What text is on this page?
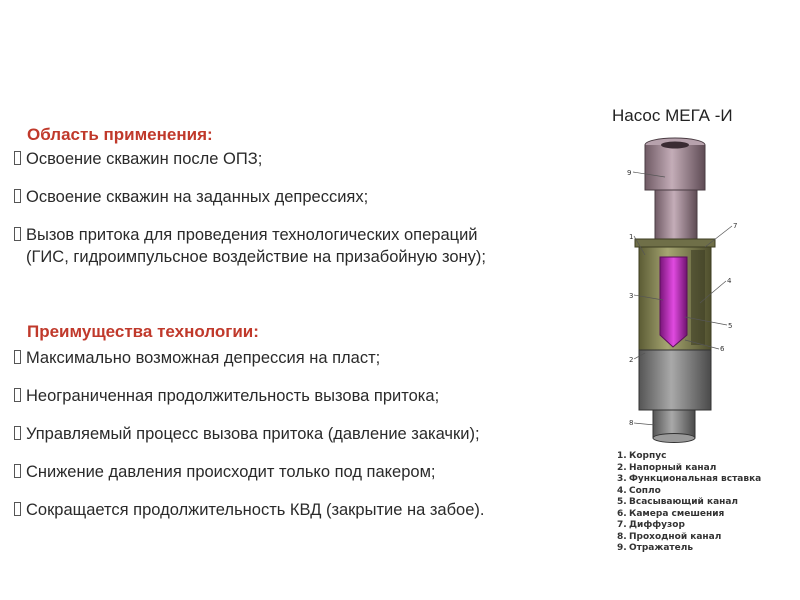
Область применения:
Освоение скважин после ОПЗ;
Освоение скважин на заданных депрессиях;
Вызов притока для проведения технологических операций
(ГИС, гидроимпульсное воздействие на призабойную зону);
Преимущества технологии:
Максимально возможная депрессия на пласт;
Неограниченная продолжительность вызова притока;
Управляемый процесс вызова притока (давление закачки);
Снижение давления происходит только под пакером;
Сокращается продолжительность КВД (закрытие на забое).
Насос МЕГА -И
9
1
7
3
4
5
2
6
8
1. Корпус
2. Напорный канал
3. Функциональная вставка
4. Сопло
5. Всасывающий канал
6. Камера смешения
7. Диффузор
8. Проходной канал
9. Отражатель
